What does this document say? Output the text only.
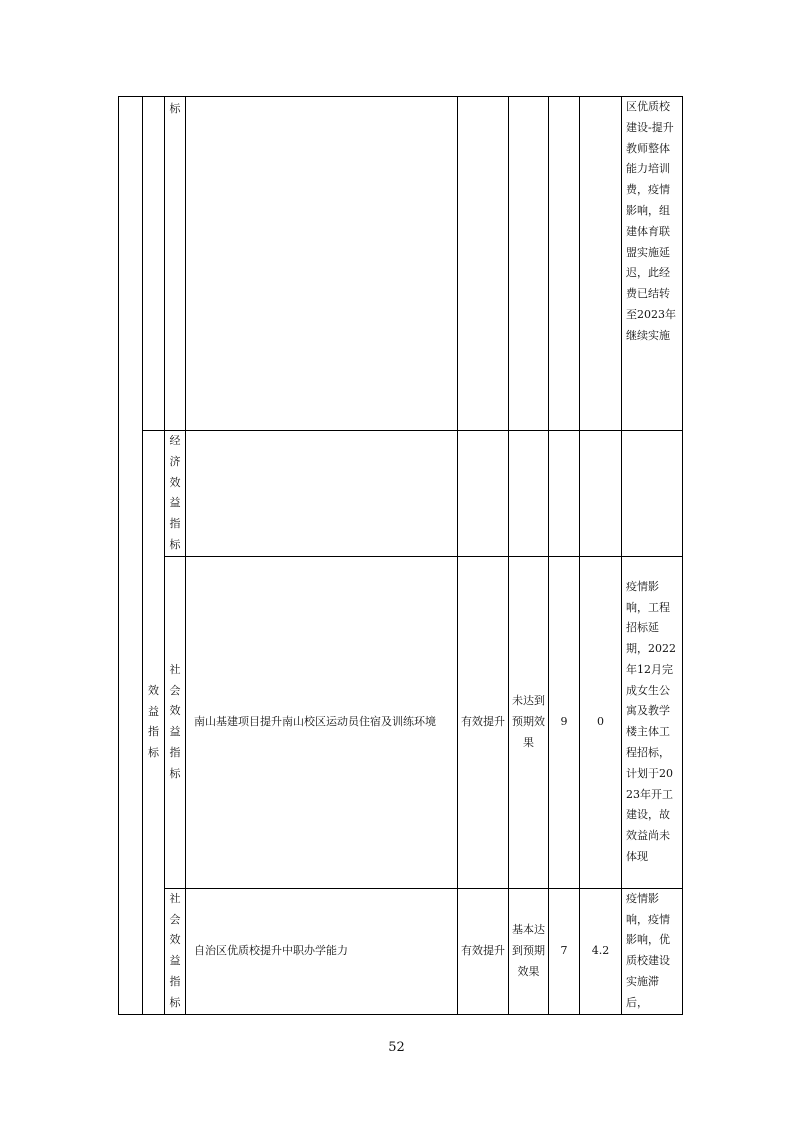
		标						区优质校建设-提升教师整体能力培训费，疫情影响，组建体育联盟实施延迟，此经费已结转至2023年继续实施

	效益指标	经济效益指标						

		社会效益指标	南山基建项目提升南山校区运动员住宿及训练环境	有效提升	未达到预期效果	9	0	疫情影响，工程招标延期，2022年12月完成女生公寓及教学楼主体工程招标，计划于2023年开工建设，故效益尚未体现

		社会效益指标	自治区优质校提升中职办学能力	有效提升	基本达到预期效果	7	4.2	疫情影响，疫情影响，优质校建设实施滞后，
52
